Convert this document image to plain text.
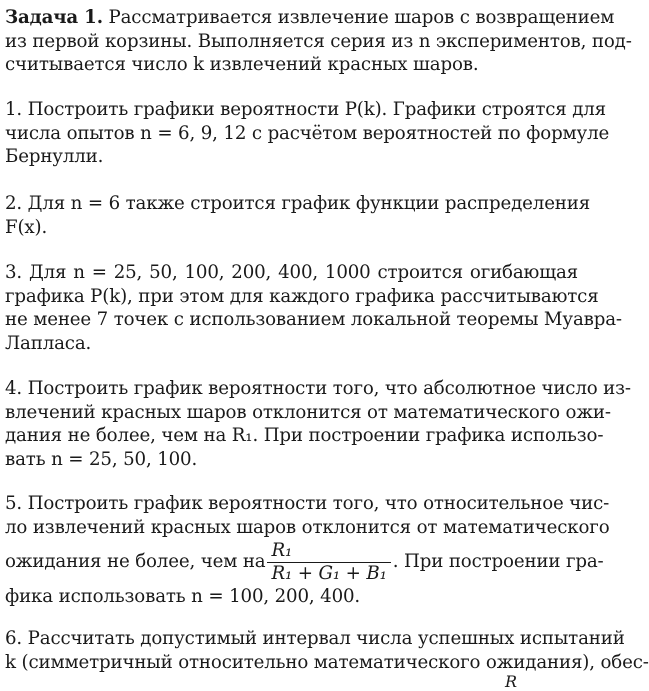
Задача 1. Рассматривается извлечение шаров с возвращением
из первой корзины. Выполняется серия из n экспериментов, под-
считывается число k извлечений красных шаров.
1. Построить графики вероятности P(k). Графики строятся для
числа опытов n = 6, 9, 12 с расчётом вероятностей по формуле
Бернулли.
2. Для n = 6 также строится график функции распределения
F(x).
3. Для n = 25, 50, 100, 200, 400, 1000 строится огибающая
графика P(k), при этом для каждого графика рассчитываются
не менее 7 точек с использованием локальной теоремы Муавра-
Лапласа.
4. Построить график вероятности того, что абсолютное число из-
влечений красных шаров отклонится от математического ожи-
дания не более, чем на R₁. При построении графика использо-
вать n = 25, 50, 100.
5. Построить график вероятности того, что относительное чис-
ло извлечений красных шаров отклонится от математического
ожидания не более, чем на $\frac{\text{R₁}}{\text{R₁ + G₁ + B₁}}$ . При построении гра-
фика использовать n = 100, 200, 400.
6. Рассчитать допустимый интервал числа успешных испытаний
k (симметричный относительно математического ожидания), обес-
R
